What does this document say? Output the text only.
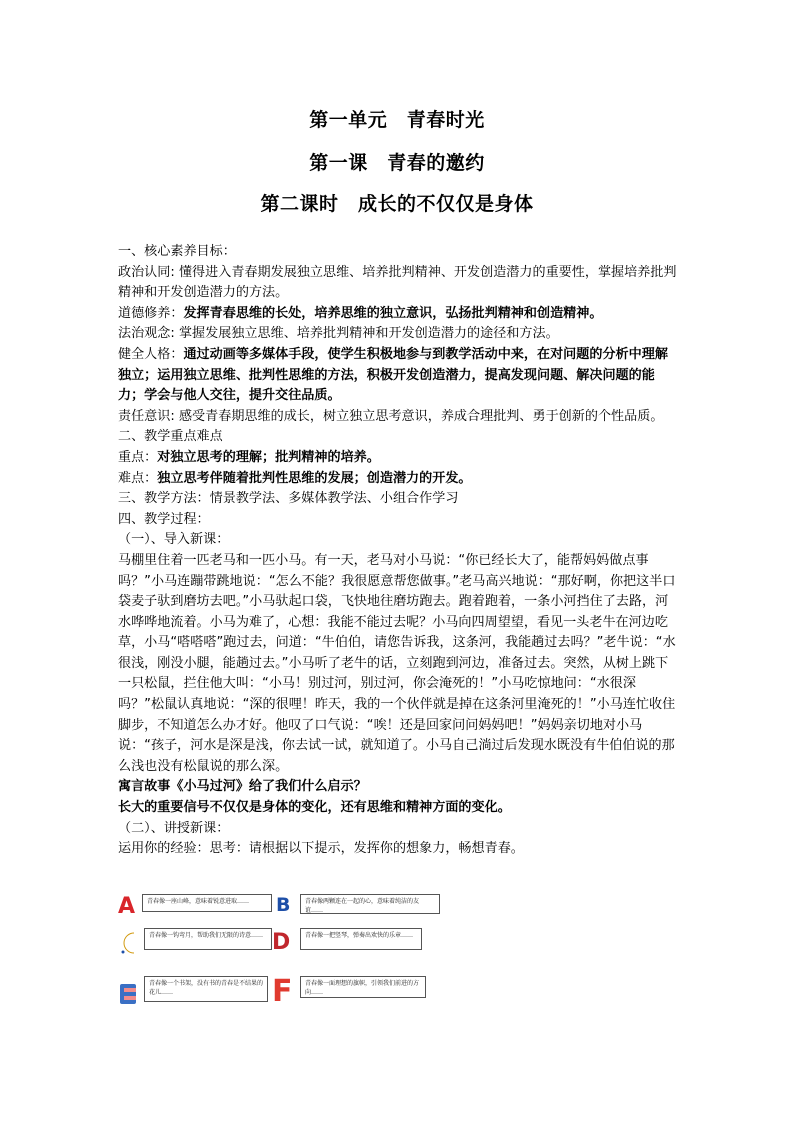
第一单元　青春时光
第一课　青春的邀约
第二课时　成长的不仅仅是身体

一、核心素养目标：

政治认同: 懂得进入青春期发展独立思维、培养批判精神、开发创造潜力的重要性，掌握培养批判精神和开发创造潜力的方法。

道德修养：发挥青春思维的长处，培养思维的独立意识，弘扬批判精神和创造精神。

法治观念: 掌握发展独立思维、培养批判精神和开发创造潜力的途径和方法。

健全人格：通过动画等多媒体手段，使学生积极地参与到教学活动中来，在对问题的分析中理解独立；运用独立思维、批判性思维的方法，积极开发创造潜力，提高发现问题、解决问题的能力；学会与他人交往，提升交往品质。

责任意识: 感受青春期思维的成长，树立独立思考意识，养成合理批判、勇于创新的个性品质。

二、教学重点难点

重点：对独立思考的理解；批判精神的培养。

难点：独立思考伴随着批判性思维的发展；创造潜力的开发。

三、教学方法：情景教学法、多媒体教学法、小组合作学习

四、教学过程：

（一）、导入新课：

马棚里住着一匹老马和一匹小马。有一天，老马对小马说：“你已经长大了，能帮妈妈做点事吗？”小马连蹦带跳地说：“怎么不能？我很愿意帮您做事。”老马高兴地说：“那好啊，你把这半口袋麦子驮到磨坊去吧。”小马驮起口袋，飞快地往磨坊跑去。跑着跑着，一条小河挡住了去路，河水哗哗地流着。小马为难了，心想：我能不能过去呢？小马向四周望望，看见一头老牛在河边吃草，小马“嗒嗒嗒”跑过去，问道：“牛伯伯，请您告诉我，这条河，我能趟过去吗？”老牛说：“水很浅，刚没小腿，能趟过去。”小马听了老牛的话，立刻跑到河边，准备过去。突然，从树上跳下一只松鼠，拦住他大叫：“小马！别过河，别过河，你会淹死的！”小马吃惊地问：“水很深吗？”松鼠认真地说：“深的很哩！昨天，我的一个伙伴就是掉在这条河里淹死的！”小马连忙收住脚步，不知道怎么办才好。他叹了口气说：“唉！还是回家问问妈妈吧！”妈妈亲切地对小马说：“孩子，河水是深是浅，你去试一试，就知道了。小马自己淌过后发现水既没有牛伯伯说的那么浅也没有松鼠说的那么深。

寓言故事《小马过河》给了我们什么启示？

长大的重要信号不仅仅是身体的变化，还有思维和精神方面的变化。

（二）、讲授新课：

运用你的经验：思考：请根据以下提示，发挥你的想象力，畅想青春。

A	青春像一座山峰，意味着锐意进取……	B	青春像两颗连在一起的心，意味着纯洁的友谊……
青春像一钩弯月，帮助我们无限的诗意…… D	青春像一把竖琴，弹奏出欢快的乐章……
青春像一个书架，没有书的青春是不结果的花儿……	F	青春像一面理想的旗帜，引领我们前进的方向……
